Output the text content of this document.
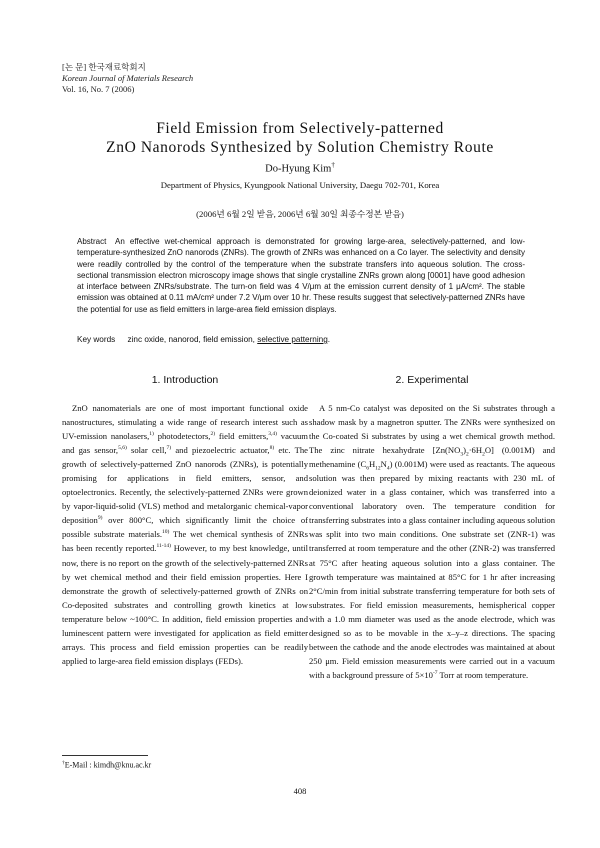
[논 문] 한국재료학회지
Korean Journal of Materials Research
Vol. 16, No. 7 (2006)
Field Emission from Selectively-patterned
ZnO Nanorods Synthesized by Solution Chemistry Route
Do-Hyung Kim†
Department of Physics, Kyungpook National University, Daegu 702-701, Korea
(2006년 6월 2일 받음, 2006년 6월 30일 최종수정본 받음)
Abstract An effective wet-chemical approach is demonstrated for growing large-area, selectively-patterned, and low-temperature-synthesized ZnO nanorods (ZNRs). The growth of ZNRs was enhanced on a Co layer. The selectivity and density were readily controlled by the control of the temperature when the substrate transfers into aqueous solution. The cross-sectional transmission electron microscopy image shows that single crystalline ZNRs grown along [0001] have good adhesion at interface between ZNRs/substrate. The turn-on field was 4 V/μm at the emission current density of 1 μA/cm². The stable emission was obtained at 0.11 mA/cm² under 7.2 V/μm over 10 hr. These results suggest that selectively-patterned ZNRs have the potential for use as field emitters in large-area field emission displays.
Key words zinc oxide, nanorod, field emission, selective patterning.
1. Introduction	2. Experimental

ZnO nanomaterials are one of most important functional oxide nanostructures, stimulating a wide range of research interest such as UV-emission nanolasers,$^{1)}$ photodetectors,$^{2)}$ field emitters,$^{3,4)}$ vacuum and gas sensor,$^{5,6)}$ solar cell,$^{7)}$ and piezoelectric actuator,$^{8)}$ etc. The growth of selectively-patterned ZnO nanorods (ZNRs), is potentially promising for applications in field emitters, sensor, and optoelectronics. Recently, the selectively-patterned ZNRs were grown by vapor-liquid-solid (VLS) method and metalorganic chemical-vapor deposition$^{9)}$ over 800°C, which significantly limit the choice of possible substrate materials.$^{10)}$ The wet chemical synthesis of ZNRs has been recently reported.$^{11-14)}$ However, to my best knowledge, until now, there is no report on the growth of the selectively-patterned ZNRs by wet chemical method and their field emission properties. Here I demonstrate the growth of selectively-patterned growth of ZNRs on Co-deposited substrates and controlling growth kinetics at low temperature below ~100°C. In addition, field emission properties and luminescent pattern were investigated for application as field emitter arrays. This process and field emission properties can be readily applied to large-area field emission displays (FEDs).

A 5 nm-Co catalyst was deposited on the Si substrates through a shadow mask by a magnetron sputter. The ZNRs were synthesized on the Co-coated Si substrates by using a wet chemical growth method. The zinc nitrate hexahydrate $[Zn(NO_3)_2\cdot 6H_2O]$ (0.001M) and methenamine $(C_6H_{12}N_4)$ (0.001M) were used as reactants. The aqueous solution was then prepared by mixing reactants with 230 mL of deionized water in a glass container, which was transferred into a conventional laboratory oven. The temperature condition for transferring substrates into a glass container including aqueous solution was split into two main conditions. One substrate set (ZNR-1) was transferred at room temperature and the other (ZNR-2) was transferred at 75°C after heating aqueous solution into a glass container. The growth temperature was maintained at 85°C for 1 hr after increasing 2°C/min from initial substrate transferring temperature for both sets of substrates. For field emission measurements, hemispherical copper with a 1.0 mm diameter was used as the anode electrode, which was designed so as to be movable in the x–y–z directions. The spacing between the cathode and the anode electrodes was maintained at about 250 μm. Field emission measurements were carried out in a vacuum with a background pressure of $5\times 10^{-7}$ Torr at room temperature.

†E-Mail : kimdh@knu.ac.kr
408
